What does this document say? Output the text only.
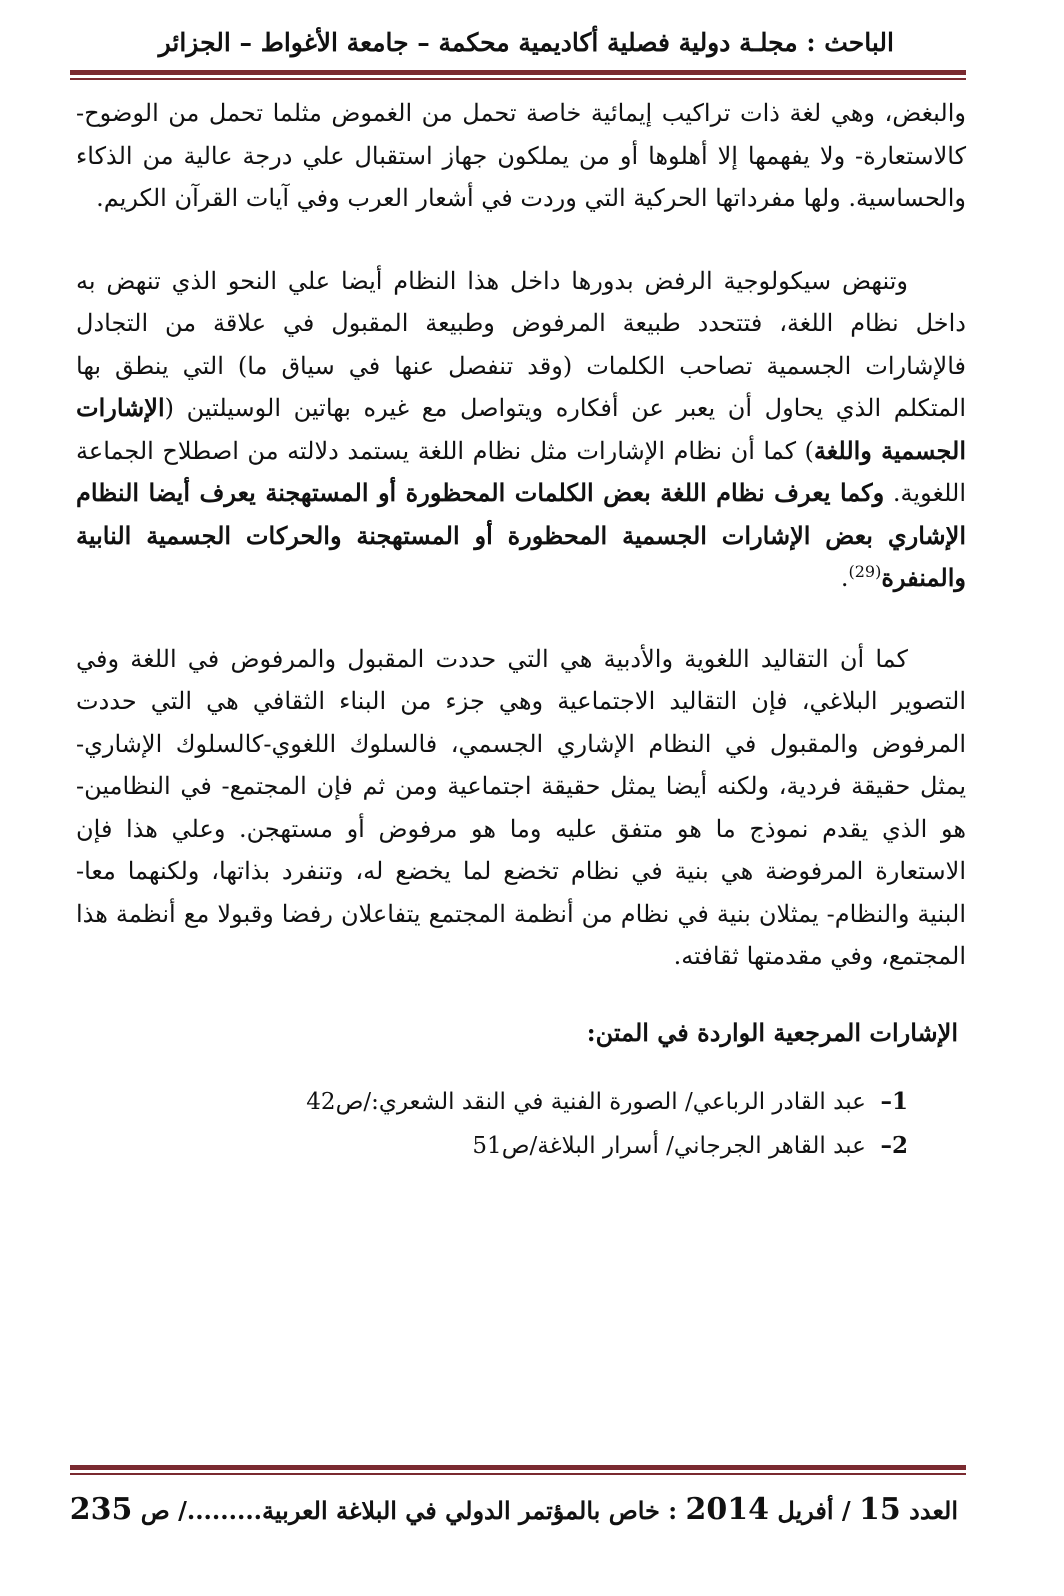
الباحث : مجلـة دولية فصلية أكاديمية محكمة – جامعة الأغواط – الجزائر

والبغض، وهي لغة ذات تراكيب إيمائية خاصة تحمل من الغموض مثلما تحمل من الوضوح- كالاستعارة- ولا يفهمها إلا أهلوها أو من يملكون جهاز استقبال علي درجة عالية من الذكاء والحساسية. ولها مفرداتها الحركية التي وردت في أشعار العرب وفي آيات القرآن الكريم.

وتنهض سيكولوجية الرفض بدورها داخل هذا النظام أيضا علي النحو الذي تنهض به داخل نظام اللغة، فتتحدد طبيعة المرفوض وطبيعة المقبول في علاقة من التجادل فالإشارات الجسمية تصاحب الكلمات (وقد تنفصل عنها في سياق ما) التي ينطق بها المتكلم الذي يحاول أن يعبر عن أفكاره ويتواصل مع غيره بهاتين الوسيلتين (الإشارات الجسمية واللغة) كما أن نظام الإشارات مثل نظام اللغة يستمد دلالته من اصطلاح الجماعة اللغوية. وكما يعرف نظام اللغة بعض الكلمات المحظورة أو المستهجنة يعرف أيضا النظام الإشاري بعض الإشارات الجسمية المحظورة أو المستهجنة والحركات الجسمية النابية والمنفرة$^{(29)}$.

كما أن التقاليد اللغوية والأدبية هي التي حددت المقبول والمرفوض في اللغة وفي التصوير البلاغي، فإن التقاليد الاجتماعية وهي جزء من البناء الثقافي هي التي حددت المرفوض والمقبول في النظام الإشاري الجسمي، فالسلوك اللغوي-كالسلوك الإشاري- يمثل حقيقة فردية، ولكنه أيضا يمثل حقيقة اجتماعية ومن ثم فإن المجتمع- في النظامين- هو الذي يقدم نموذج ما هو متفق عليه وما هو مرفوض أو مستهجن. وعلي هذا فإن الاستعارة المرفوضة هي بنية في نظام تخضع لما يخضع له، وتنفرد بذاتها، ولكنهما معا- البنية والنظام- يمثلان بنية في نظام من أنظمة المجتمع يتفاعلان رفضا وقبولا مع أنظمة هذا المجتمع، وفي مقدمتها ثقافته.

الإشارات المرجعية الواردة في المتن:

1–  عبد القادر الرباعي/ الصورة الفنية في النقد الشعري:/ص42
2–  عبد القاهر الجرجاني/ أسرار البلاغة/ص51
العدد 15 / أفريل 2014 : خاص بالمؤتمر الدولي في البلاغة العربية........./ ص 235
